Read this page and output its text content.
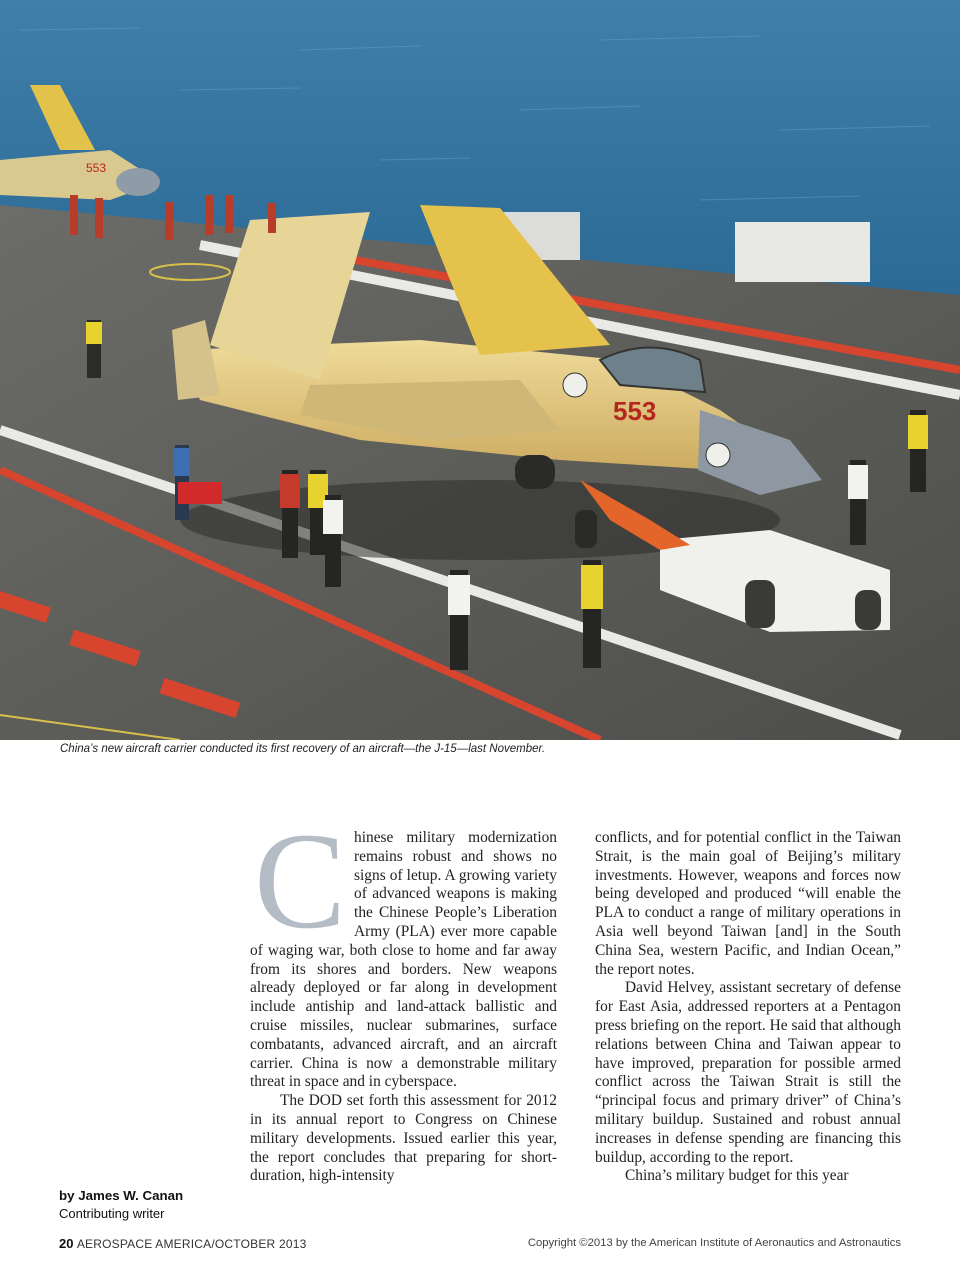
553
553
China’s new aircraft carrier conducted its first recovery of an aircraft—the J-15—last November.
C hinese military modernization remains robust and shows no signs of letup. A growing variety of advanced weapons is making the Chinese People’s Liberation Army (PLA) ever more capable of waging war, both close to home and far away from its shores and borders. New weapons already deployed or far along in development include antiship and land-attack ballistic and cruise missiles, nuclear submarines, surface combatants, advanced aircraft, and an aircraft carrier. China is now a demonstrable military threat in space and in cyberspace.

The DOD set forth this assessment for 2012 in its annual report to Congress on Chinese military developments. Issued earlier this year, the report concludes that preparing for short-duration, high-intensity

conflicts, and for potential conflict in the Taiwan Strait, is the main goal of Beijing’s military investments. However, weapons and forces now being developed and produced “will enable the PLA to conduct a range of military operations in Asia well beyond Taiwan [and] in the South China Sea, western Pacific, and Indian Ocean,” the report notes.

David Helvey, assistant secretary of defense for East Asia, addressed reporters at a Pentagon press briefing on the report. He said that although relations between China and Taiwan appear to have improved, preparation for possible armed conflict across the Taiwan Strait is still the “principal focus and primary driver” of China’s military buildup. Sustained and robust annual increases in defense spending are financing this buildup, according to the report.

China’s military budget for this year

by James W. Canan
Contributing writer
20 AEROSPACE AMERICA/OCTOBER 2013	Copyright ©2013 by the American Institute of Aeronautics and Astronautics
